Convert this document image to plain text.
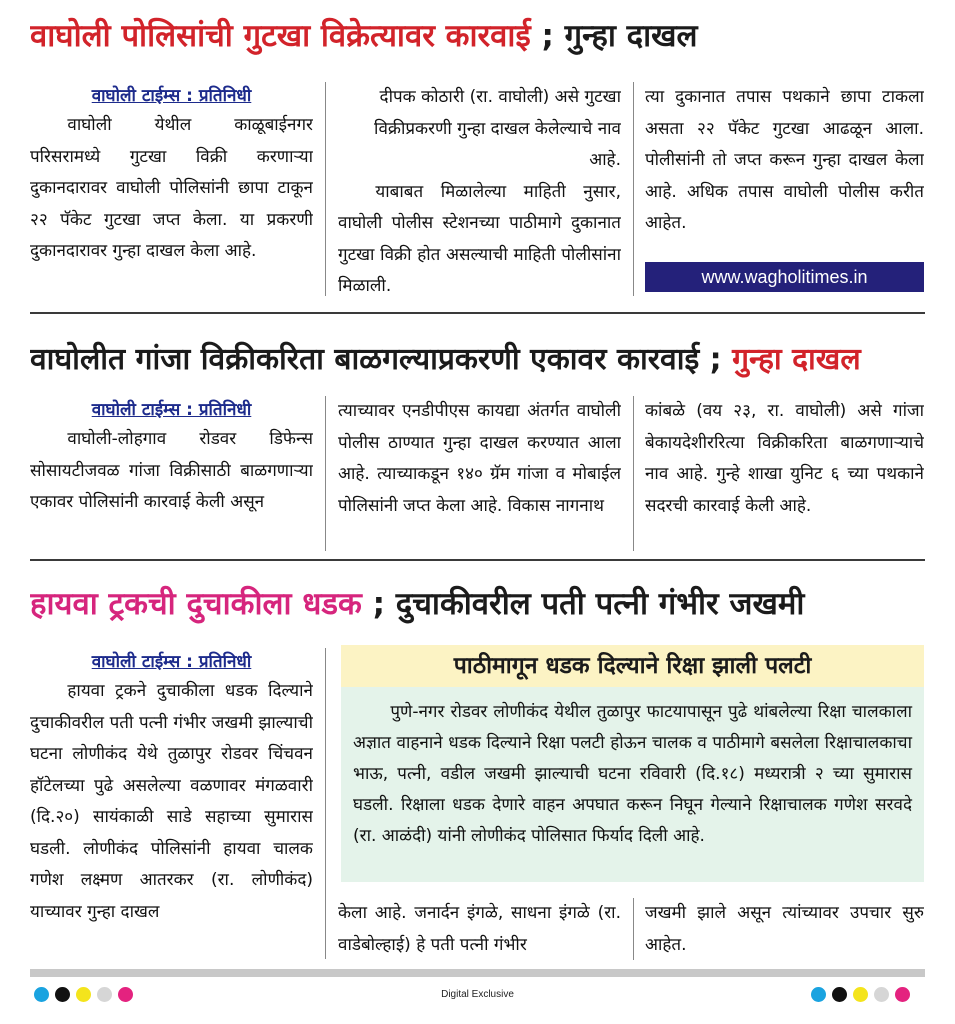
वाघोली पोलिसांची गुटखा विक्रेत्यावर कारवाई ; गुन्हा दाखल
वाघोली टाईम्स : प्रतिनिधी

वाघोली येथील काळूबाईनगर परिसरामध्ये गुटखा विक्री करणाऱ्या दुकानदारावर वाघोली पोलिसांनी छापा टाकून २२ पॅकेट गुटखा जप्त केला. या प्रकरणी दुकानदारावर गुन्हा दाखल केला आहे.

दीपक कोठारी (रा. वाघोली) असे गुटखा विक्रीप्रकरणी गुन्हा दाखल केलेल्याचे नाव आहे.

याबाबत मिळालेल्या माहिती नुसार, वाघोली पोलीस स्टेशनच्या पाठीमागे दुकानात गुटखा विक्री होत असल्याची माहिती पोलीसांना मिळाली.

त्या दुकानात तपास पथकाने छापा टाकला असता २२ पॅकेट गुटखा आढळून आला. पोलीसांनी तो जप्त करून गुन्हा दाखल केला आहे. अधिक तपास वाघोली पोलीस करीत आहेत.

www.wagholitimes.in
वाघोलीत गांजा विक्रीकरिता बाळगल्याप्रकरणी एकावर कारवाई ; गुन्हा दाखल
वाघोली टाईम्स : प्रतिनिधी

वाघोली-लोहगाव रोडवर डिफेन्स सोसायटीजवळ गांजा विक्रीसाठी बाळगणाऱ्या एकावर पोलिसांनी कारवाई केली असून

त्याच्यावर एनडीपीएस कायद्या अंतर्गत वाघोली पोलीस ठाण्यात गुन्हा दाखल करण्यात आला आहे. त्याच्याकडून १४० ग्रॅम गांजा व मोबाईल पोलिसांनी जप्त केला आहे. विकास नागनाथ

कांबळे (वय २३, रा. वाघोली) असे गांजा बेकायदेशीररित्या विक्रीकरिता बाळगणाऱ्याचे नाव आहे. गुन्हे शाखा युनिट ६ च्या पथकाने सदरची कारवाई केली आहे.

हायवा ट्रकची दुचाकीला धडक ; दुचाकीवरील पती पत्नी गंभीर जखमी
वाघोली टाईम्स : प्रतिनिधी

हायवा ट्रकने दुचाकीला धडक दिल्याने दुचाकीवरील पती पत्नी गंभीर जखमी झाल्याची घटना लोणीकंद येथे तुळापुर रोडवर चिंचवन हॉटेलच्या पुढे असलेल्या वळणावर मंगळवारी (दि.२०) सायंकाळी साडे सहाच्या सुमारास घडली. लोणीकंद पोलिसांनी हायवा चालक गणेश लक्ष्मण आतरकर (रा. लोणीकंद) याच्यावर गुन्हा दाखल

पाठीमागून धडक दिल्याने रिक्षा झाली पलटी
पुणे-नगर रोडवर लोणीकंद येथील तुळापुर फाटयापासून पुढे थांबलेल्या रिक्षा चालकाला अज्ञात वाहनाने धडक दिल्याने रिक्षा पलटी होऊन चालक व पाठीमागे बसलेला रिक्षाचालकाचा भाऊ, पत्नी, वडील जखमी झाल्याची घटना रविवारी (दि.१८) मध्यरात्री २ च्या सुमारास घडली. रिक्षाला धडक देणारे वाहन अपघात करून निघून गेल्याने रिक्षाचालक गणेश सरवदे (रा. आळंदी) यांनी लोणीकंद पोलिसात फिर्याद दिली आहे.

केला आहे. जनार्दन इंगळे, साधना इंगळे (रा. वाडेबोल्हाई) हे पती पत्नी गंभीर

जखमी झाले असून त्यांच्यावर उपचार सुरु आहेत.

Digital Exclusive
